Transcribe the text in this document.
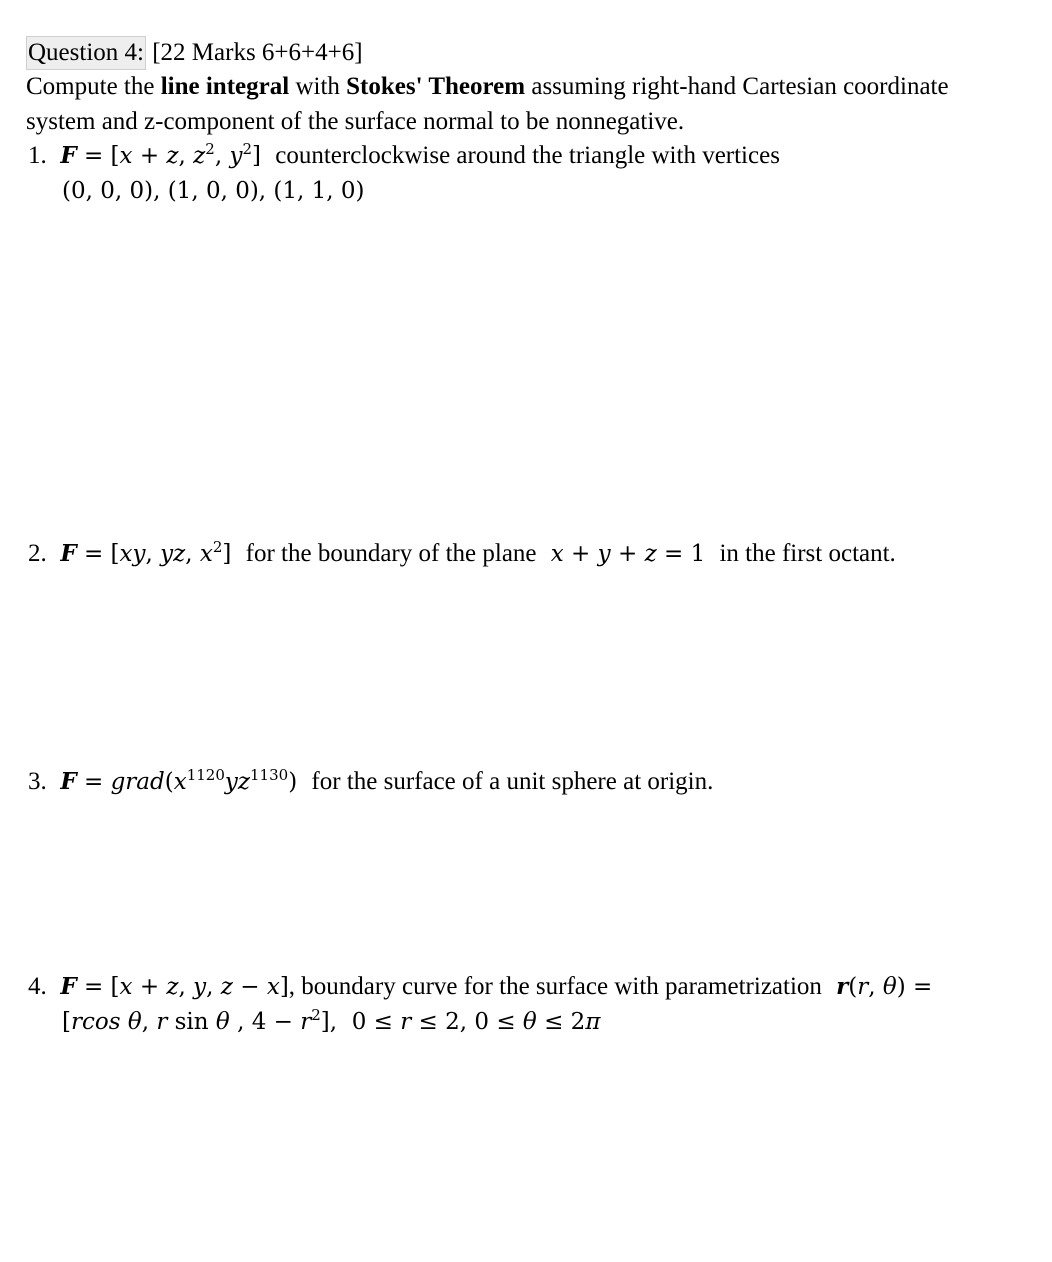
Question 4: [22 Marks 6+6+4+6]
Compute the line integral with Stokes' Theorem assuming right-hand Cartesian coordinate
system and z-component of the surface normal to be nonnegative.
1. F = [x + z, $z^2$, $y^2$] counterclockwise around the triangle with vertices
(0, 0, 0), (1, 0, 0), (1, 1, 0)
2. F = [xy, yz, $x^2$] for the boundary of the plane x + y + z = 1 in the first octant.
3. $F = grad(x^{1120}yz^{1130})$ for the surface of a unit sphere at origin.
4. F = [x + z, y, z − x], boundary curve for the surface with parametrization r(r, θ) =
[rcos θ, r sin θ , $4 - r^2$],  0 ≤ r ≤ 2, 0 ≤ θ ≤ 2π
